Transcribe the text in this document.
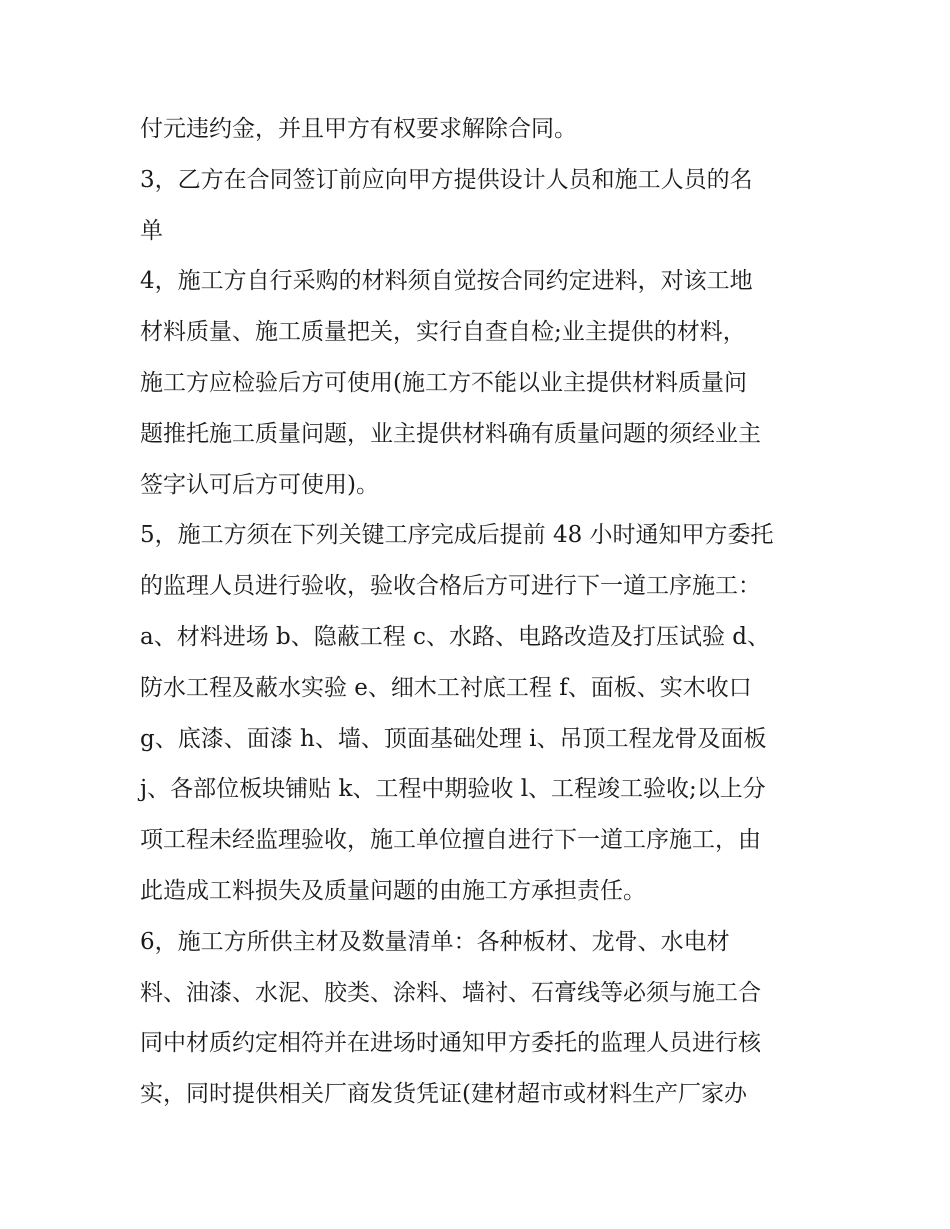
付元违约金，并且甲方有权要求解除合同。
3，乙方在合同签订前应向甲方提供设计人员和施工人员的名
单
4，施工方自行采购的材料须自觉按合同约定进料，对该工地
材料质量、施工质量把关，实行自查自检;业主提供的材料，
施工方应检验后方可使用(施工方不能以业主提供材料质量问
题推托施工质量问题，业主提供材料确有质量问题的须经业主
签字认可后方可使用)。
5，施工方须在下列关键工序完成后提前 48 小时通知甲方委托
的监理人员进行验收，验收合格后方可进行下一道工序施工：
a、材料进场 b、隐蔽工程 c、水路、电路改造及打压试验 d、
防水工程及蔽水实验 e、细木工衬底工程 f、面板、实木收口
g、底漆、面漆 h、墙、顶面基础处理 i、吊顶工程龙骨及面板
j、各部位板块铺贴 k、工程中期验收 l、工程竣工验收;以上分
项工程未经监理验收，施工单位擅自进行下一道工序施工，由
此造成工料损失及质量问题的由施工方承担责任。
6，施工方所供主材及数量清单：各种板材、龙骨、水电材
料、油漆、水泥、胶类、涂料、墙衬、石膏线等必须与施工合
同中材质约定相符并在进场时通知甲方委托的监理人员进行核
实，同时提供相关厂商发货凭证(建材超市或材料生产厂家办
